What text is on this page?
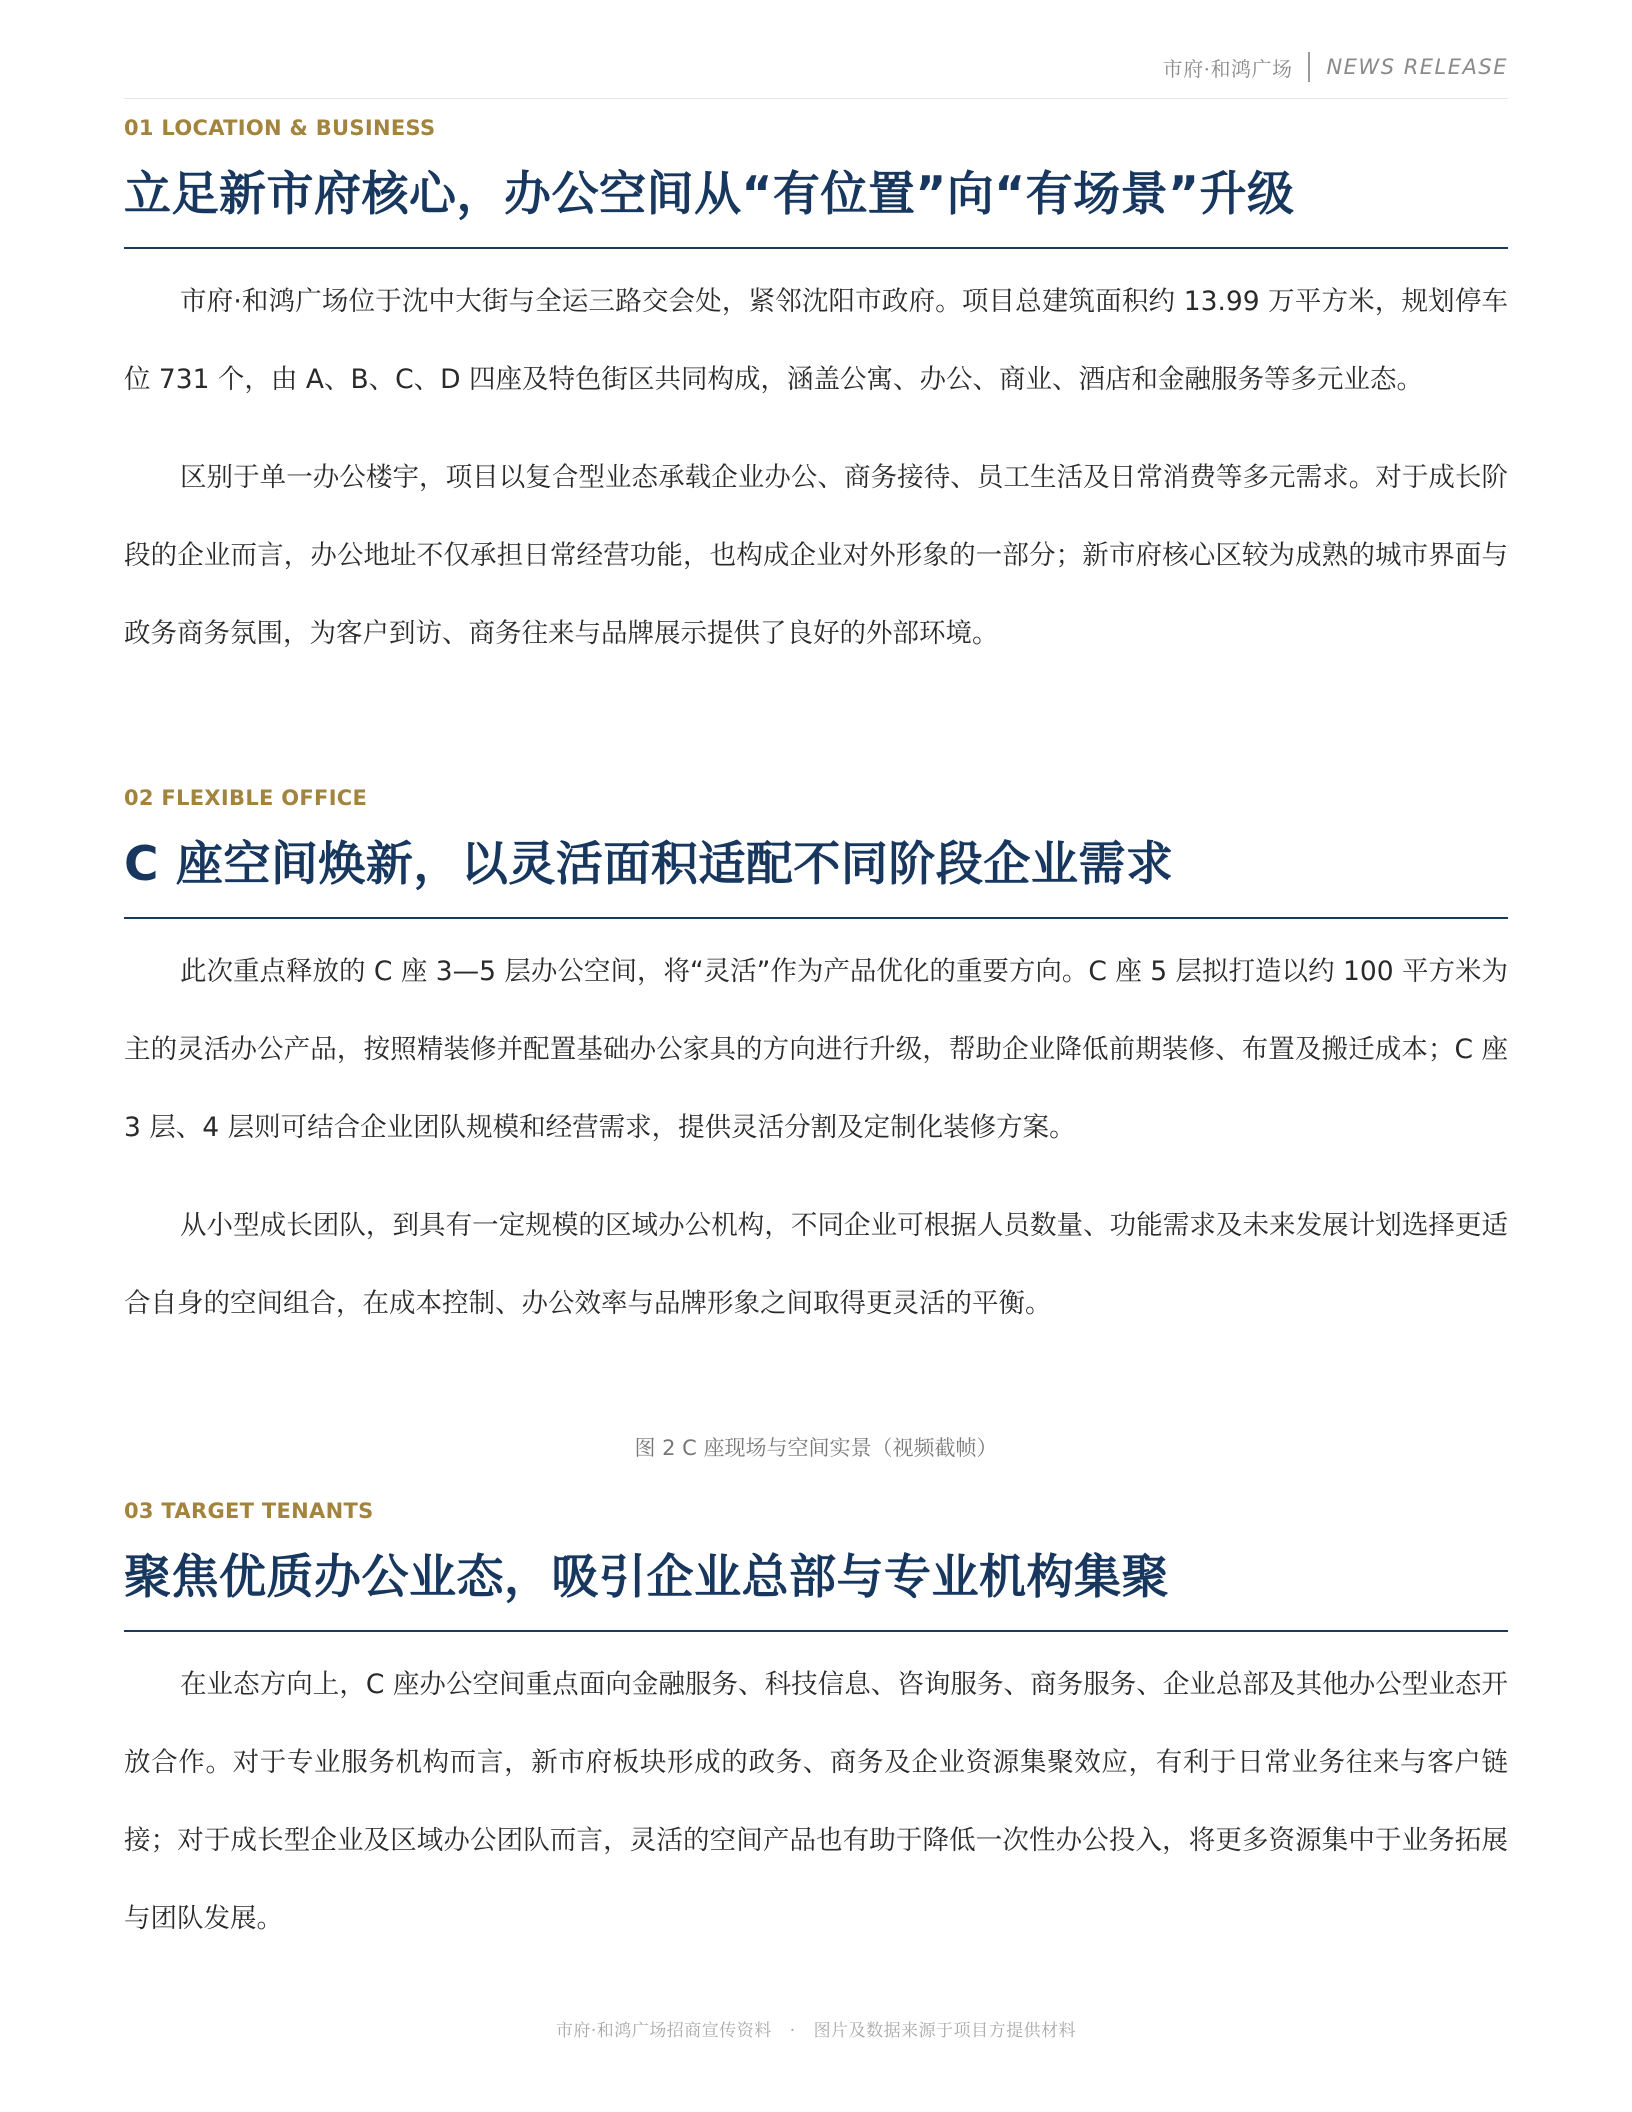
市府·和鸿广场 NEWS RELEASE
01 LOCATION & BUSINESS
立足新市府核心，办公空间从“有位置”向“有场景”升级

市府·和鸿广场位于沈中大街与全运三路交会处，紧邻沈阳市政府。项目总建筑面积约 13.99 万平方米，规划停车位 731 个，由 A、B、C、D 四座及特色街区共同构成，涵盖公寓、办公、商业、酒店和金融服务等多元业态。

区别于单一办公楼宇，项目以复合型业态承载企业办公、商务接待、员工生活及日常消费等多元需求。对于成长阶段的企业而言，办公地址不仅承担日常经营功能，也构成企业对外形象的一部分；新市府核心区较为成熟的城市界面与政务商务氛围，为客户到访、商务往来与品牌展示提供了良好的外部环境。

02 FLEXIBLE OFFICE
C 座空间焕新，以灵活面积适配不同阶段企业需求

此次重点释放的 C 座 3—5 层办公空间，将“灵活”作为产品优化的重要方向。C 座 5 层拟打造以约 100 平方米为主的灵活办公产品，按照精装修并配置基础办公家具的方向进行升级，帮助企业降低前期装修、布置及搬迁成本；C 座 3 层、4 层则可结合企业团队规模和经营需求，提供灵活分割及定制化装修方案。

从小型成长团队，到具有一定规模的区域办公机构，不同企业可根据人员数量、功能需求及未来发展计划选择更适合自身的空间组合，在成本控制、办公效率与品牌形象之间取得更灵活的平衡。

图 2 C 座现场与空间实景（视频截帧）
03 TARGET TENANTS
聚焦优质办公业态，吸引企业总部与专业机构集聚

在业态方向上，C 座办公空间重点面向金融服务、科技信息、咨询服务、商务服务、企业总部及其他办公型业态开放合作。对于专业服务机构而言，新市府板块形成的政务、商务及企业资源集聚效应，有利于日常业务往来与客户链接；对于成长型企业及区域办公团队而言，灵活的空间产品也有助于降低一次性办公投入，将更多资源集中于业务拓展与团队发展。

市府·和鸿广场招商宣传资料 · 图片及数据来源于项目方提供材料
